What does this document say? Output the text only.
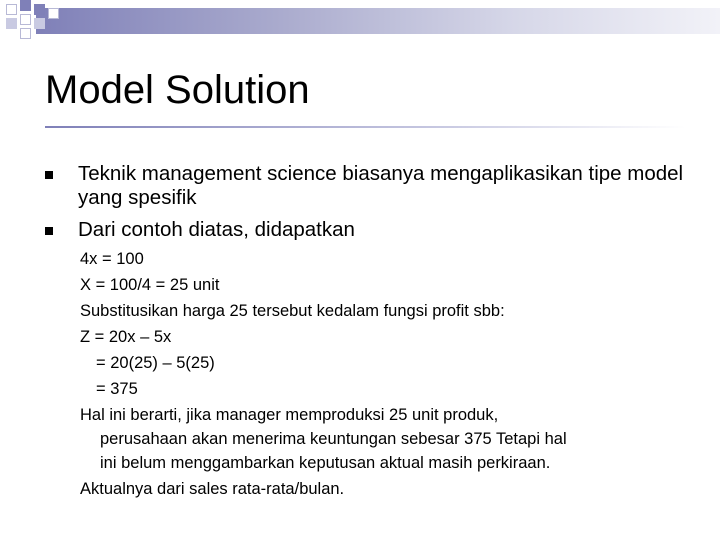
Model Solution
Teknik management science biasanya mengaplikasikan tipe model yang spesifik
Dari contoh diatas, didapatkan
4x = 100
X = 100/4 = 25 unit
Substitusikan harga 25 tersebut kedalam fungsi profit sbb:
Z = 20x – 5x
= 20(25) – 5(25)
= 375
Hal ini berarti, jika manager memproduksi 25 unit produk,
perusahaan akan menerima keuntungan sebesar 375 Tetapi hal
ini belum menggambarkan keputusan aktual masih perkiraan.
Aktualnya dari sales rata-rata/bulan.
